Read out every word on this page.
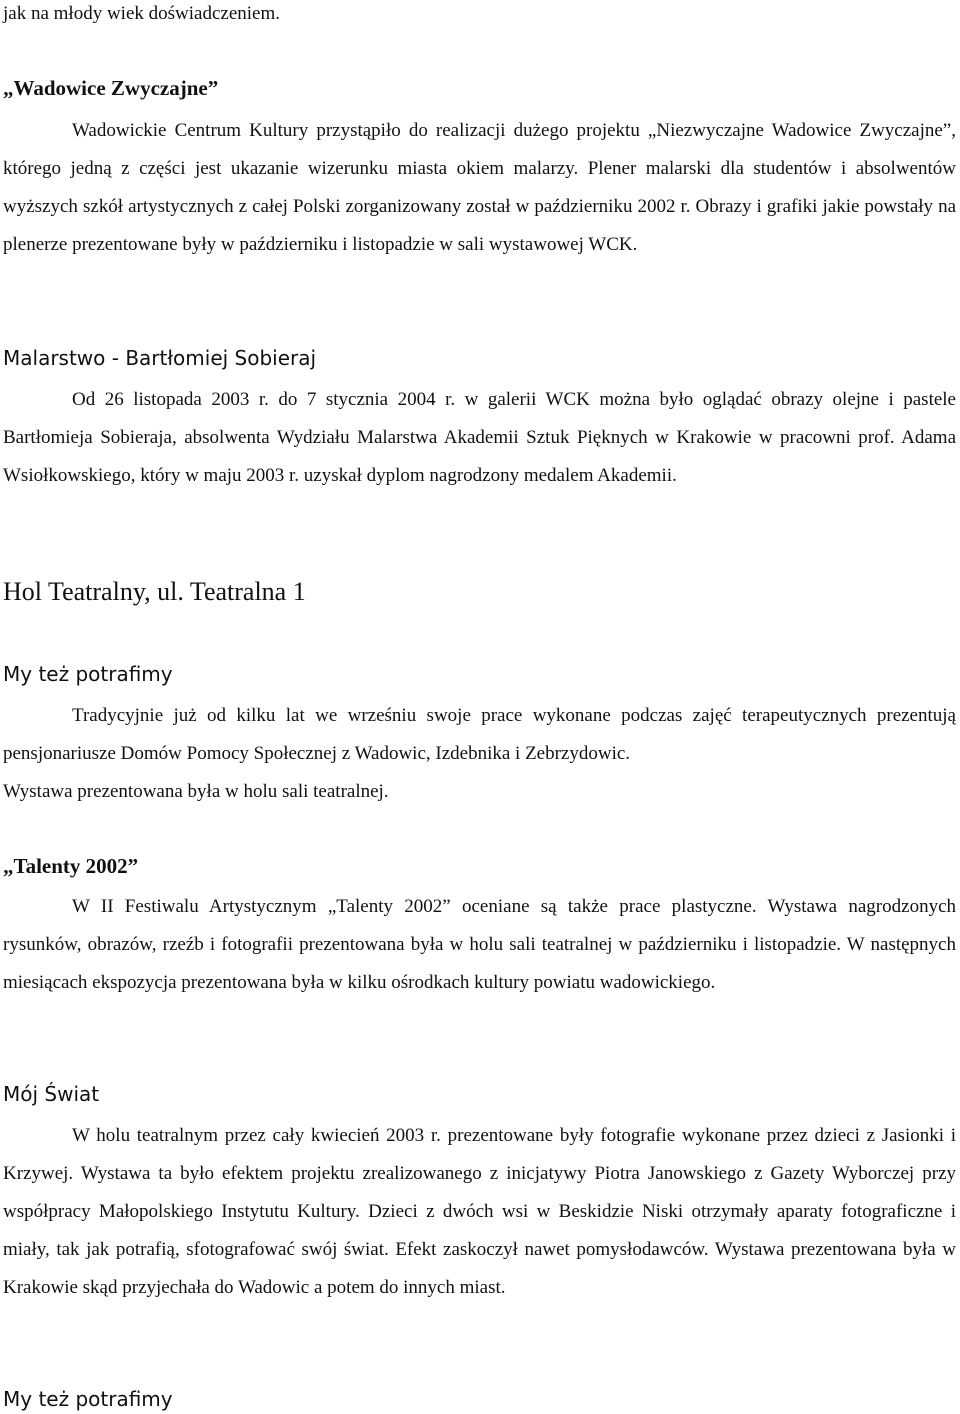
jak na młody wiek doświadczeniem.

„Wadowice Zwyczajne”

Wadowickie Centrum Kultury przystąpiło do realizacji dużego projektu „Niezwyczajne Wadowice Zwyczajne”, którego jedną z części jest ukazanie wizerunku miasta okiem malarzy. Plener malarski dla studentów i absolwentów wyższych szkół artystycznych z całej Polski zorganizowany został w październiku 2002 r. Obrazy i grafiki jakie powstały na plenerze prezentowane były w październiku i listopadzie w sali wystawowej WCK.

Malarstwo - Bartłomiej Sobieraj

Od 26 listopada 2003 r. do 7 stycznia 2004 r. w galerii WCK można było oglądać obrazy olejne i pastele Bartłomieja Sobieraja, absolwenta Wydziału Malarstwa Akademii Sztuk Pięknych w Krakowie w pracowni prof. Adama Wsiołkowskiego, który w maju 2003 r. uzyskał dyplom nagrodzony medalem Akademii.

Hol Teatralny, ul. Teatralna 1

My też potrafimy

Tradycyjnie już od kilku lat we wrześniu swoje prace wykonane podczas zajęć terapeutycznych prezentują pensjonariusze Domów Pomocy Społecznej z Wadowic, Izdebnika i Zebrzydowic.

Wystawa prezentowana była w holu sali teatralnej.

„Talenty 2002”

W II Festiwalu Artystycznym „Talenty 2002” oceniane są także prace plastyczne. Wystawa nagrodzonych rysunków, obrazów, rzeźb i fotografii prezentowana była w holu sali teatralnej w październiku i listopadzie. W następnych miesiącach ekspozycja prezentowana była w kilku ośrodkach kultury powiatu wadowickiego.

Mój Świat

W holu teatralnym przez cały kwiecień 2003 r. prezentowane były fotografie wykonane przez dzieci z Jasionki i Krzywej. Wystawa ta było efektem projektu zrealizowanego z inicjatywy Piotra Janowskiego z Gazety Wyborczej przy współpracy Małopolskiego Instytutu Kultury. Dzieci z dwóch wsi w Beskidzie Niski otrzymały aparaty fotograficzne i miały, tak jak potrafią, sfotografować swój świat. Efekt zaskoczył nawet pomysłodawców. Wystawa prezentowana była w Krakowie skąd przyjechała do Wadowic a potem do innych miast.

My też potrafimy
